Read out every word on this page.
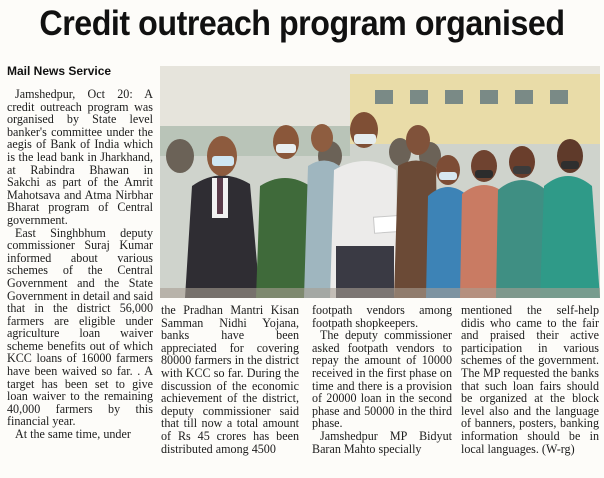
Credit outreach program organised
Mail News Service

Jamshedpur, Oct 20: A credit outreach program was organised by State level banker's committee under the aegis of Bank of India which is the lead bank in Jharkhand, at Rabindra Bhawan in Sakchi as part of the Amrit Mahotsava and Atma Nirbhar Bharat program of Central government.

East Singhbhum deputy commissioner Suraj Kumar informed about various schemes of the Central Government and the State Government in detail and said that in the district 56,000 farmers are eligible under agriculture loan waiver scheme benefits out of which KCC loans of 16000 farmers have been waived so far. . A target has been set to give loan waiver to the remaining 40,000 farmers by this financial year.

At the same time, under

the Pradhan Mantri Kisan Samman Nidhi Yojana, banks have been appreciated for covering 80000 farmers in the district with KCC so far. During the discussion of the economic achievement of the district, deputy commissioner said that till now a total amount of Rs 45 crores has been distributed among 4500

footpath vendors among footpath shopkeepers.

The deputy commissioner asked footpath vendors to repay the amount of 10000 received in the first phase on time and there is a provision of 20000 loan in the second phase and 50000 in the third phase.

Jamshedpur MP Bidyut Baran Mahto specially

mentioned the self-help didis who came to the fair and praised their active participation in various schemes of the government. The MP requested the banks that such loan fairs should be organized at the block level also and the language of banners, posters, banking information should be in local languages. (W-rg)
